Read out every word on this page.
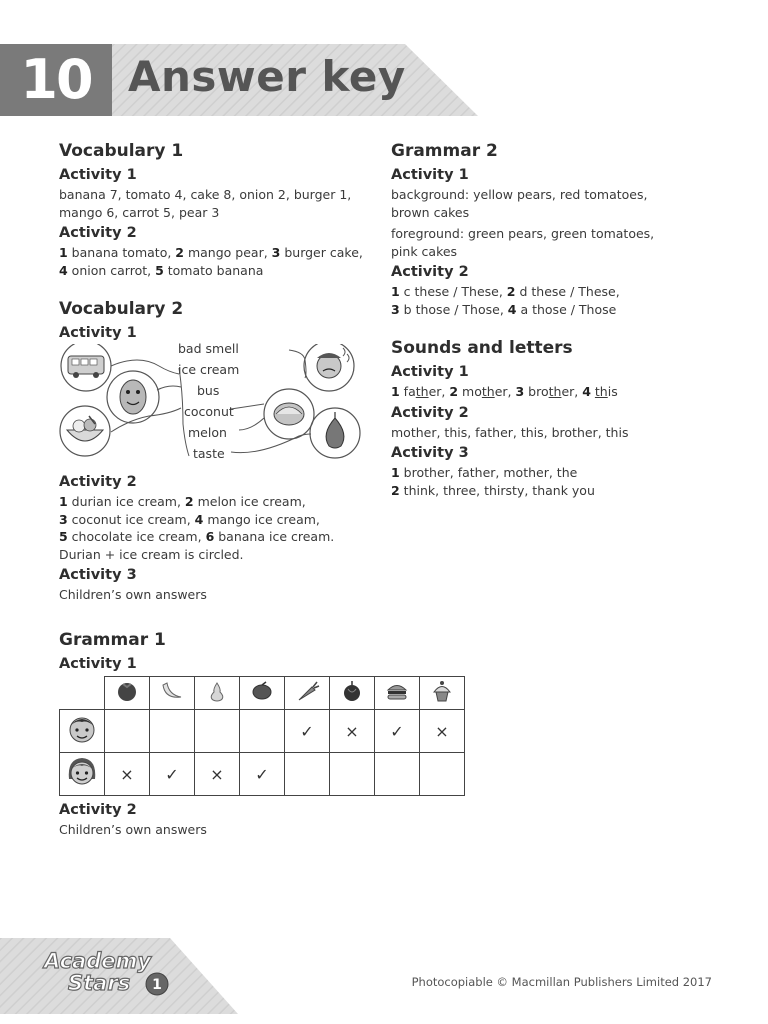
10 Answer key
Vocabulary 1
Activity 1
banana 7, tomato 4, cake 8, onion 2, burger 1,
mango 6, carrot 5, pear 3
Activity 2
1 banana tomato, 2 mango pear, 3 burger cake,
4 onion carrot, 5 tomato banana
Vocabulary 2
Activity 1
bad smell
ice cream
bus
coconut
melon
taste
Activity 2
1 durian ice cream, 2 melon ice cream,
3 coconut ice cream, 4 mango ice cream,
5 chocolate ice cream, 6 banana ice cream.
Durian + ice cream is circled.
Activity 3
Children’s own answers
Grammar 2
Activity 1
background: yellow pears, red tomatoes,
brown cakes
foreground: green pears, green tomatoes,
pink cakes
Activity 2
1 c these / These, 2 d these / These,
3 b those / Those, 4 a those / Those
Sounds and letters
Activity 1
1 father, 2 mother, 3 brother, 4 this
Activity 2
mother, this, father, this, brother, this
Activity 3
1 brother, father, mother, the
2 think, three, thirsty, thank you
Grammar 1
Activity 1

					✓	×	✓	×
	×	✓	×	✓				
Activity 2
Children’s own answers
Academy
Stars 1	Photocopiable © Macmillan Publishers Limited 2017
